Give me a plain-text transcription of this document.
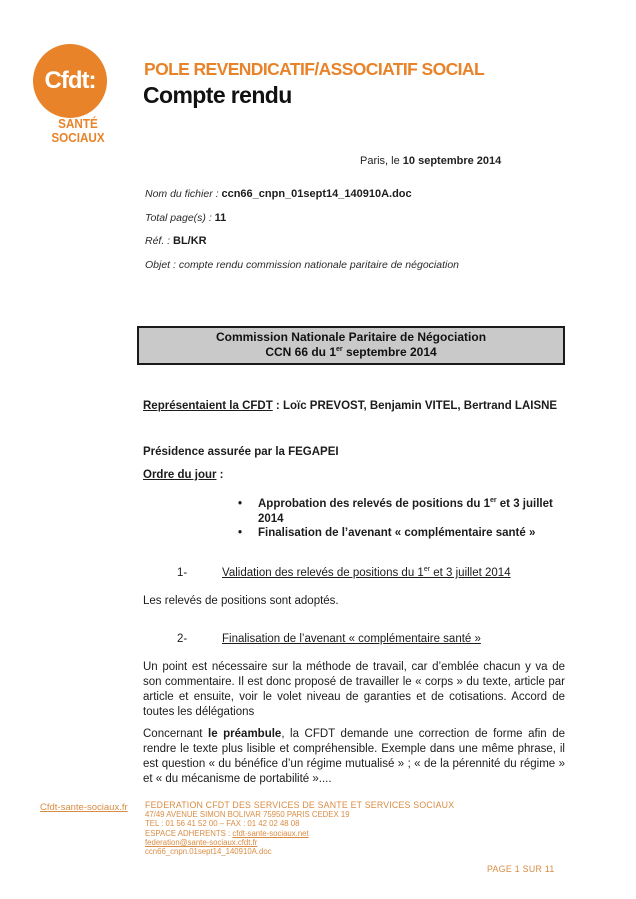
Cfdt:
SANTÉ
SOCIAUX
POLE REVENDICATIF/ASSOCIATIF SOCIAL
Compte rendu
Paris, le 10 septembre 2014
Nom du fichier : ccn66_cnpn_01sept14_140910A.doc
Total page(s) : 11
Réf. : BL/KR
Objet : compte rendu commission nationale paritaire de négociation
Commission Nationale Paritaire de Négociation
CCN 66 du 1er septembre 2014
Représentaient la CFDT : Loïc PREVOST, Benjamin VITEL, Bertrand LAISNE
Présidence assurée par la FEGAPEI
Ordre du jour :
•	Approbation des relevés de positions du 1er et 3 juillet 2014
•	Finalisation de l’avenant « complémentaire santé »
1-	Validation des relevés de positions du 1er et 3 juillet 2014
Les relevés de positions sont adoptés.
2-	Finalisation de l’avenant « complémentaire santé »
Un point est nécessaire sur la méthode de travail, car d’emblée chacun y va de son commentaire. Il est donc proposé de travailler le « corps » du texte, article par article et ensuite, voir le volet niveau de garanties et de cotisations. Accord de toutes les délégations
Concernant le préambule, la CFDT demande une correction de forme afin de rendre le texte plus lisible et compréhensible. Exemple dans une même phrase, il est question « du bénéfice d’un régime mutualisé » ; « de la pérennité du régime » et « du mécanisme de portabilité »....
Cfdt-sante-sociaux.fr FEDERATION CFDT DES SERVICES DE SANTE ET SERVICES SOCIAUX
47/49 AVENUE SIMON BOLIVAR 75950 PARIS CEDEX 19
TEL : 01 56 41 52 00 – FAX : 01 42 02 48 08
ESPACE ADHERENTS : cfdt-sante-sociaux.net
federation@sante-sociaux.cfdt.fr
ccn66_cnpn.01sept14_140910A.doc
PAGE 1 SUR 11
